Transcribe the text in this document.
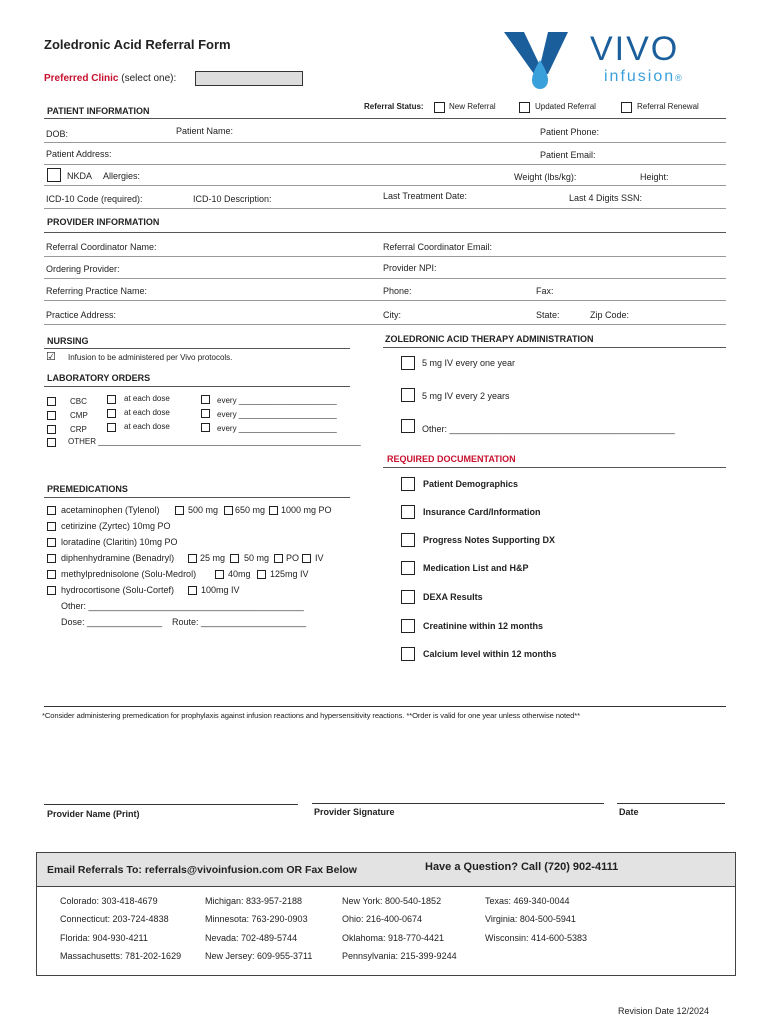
Zoledronic Acid Referral Form
Preferred Clinic (select one):
VIVO
infusion®
PATIENT INFORMATION	Referral Status:	New Referral	Updated Referral	Referral Renewal
DOB:	Patient Name:	Patient Phone:
Patient Address:	Patient Email:
NKDA Allergies:	Weight (lbs/kg):	Height:
ICD-10 Code (required):	ICD-10 Description:	Last Treatment Date:	Last 4 Digits SSN:
PROVIDER INFORMATION
Referral Coordinator Name:	Referral Coordinator Email:
Ordering Provider:	Provider NPI:
Referring Practice Name:	Phone:	Fax:
Practice Address:	City:	State:	Zip Code:
NURSING
☑ Infusion to be administered per Vivo protocols.
LABORATORY ORDERS
CBC	at each dose	every ______________________
CMP	at each dose	every ______________________
CRP	at each dose	every ______________________
OTHER ___________________________________________________________
ZOLEDRONIC ACID THERAPY ADMINISTRATION
5 mg IV every one year
5 mg IV every 2 years
Other: _____________________________________________
REQUIRED DOCUMENTATION
Patient Demographics
Insurance Card/Information
Progress Notes Supporting DX
Medication List and H&P
DEXA Results
Creatinine within 12 months
Calcium level within 12 months
PREMEDICATIONS
acetaminophen (Tylenol)	500 mg 650 mg 1000 mg PO
cetirizine (Zyrtec) 10mg PO
loratadine (Claritin) 10mg PO
diphenhydramine (Benadryl)	25 mg 50 mg PO IV
methylprednisolone (Solu-Medrol)	40mg 125mg IV
hydrocortisone (Solu-Cortef)	100mg IV
Other: ___________________________________________
Dose: _______________ Route: _____________________
*Consider administering premedication for prophylaxis against infusion reactions and hypersensitivity reactions. **Order is valid for one year unless otherwise noted**
Provider Name (Print)	Provider Signature	Date
Email Referrals To: referrals@vivoinfusion.com OR Fax Below	Have a Question? Call (720) 902-4111
Colorado: 303-418-4679
Connecticut: 203-724-4838
Florida: 904-930-4211
Massachusetts: 781-202-1629
Michigan: 833-957-2188
Minnesota: 763-290-0903
Nevada: 702-489-5744
New Jersey: 609-955-3711
New York: 800-540-1852
Ohio: 216-400-0674
Oklahoma: 918-770-4421
Pennsylvania: 215-399-9244
Texas: 469-340-0044
Virginia: 804-500-5941
Wisconsin: 414-600-5383
Revision Date 12/2024
